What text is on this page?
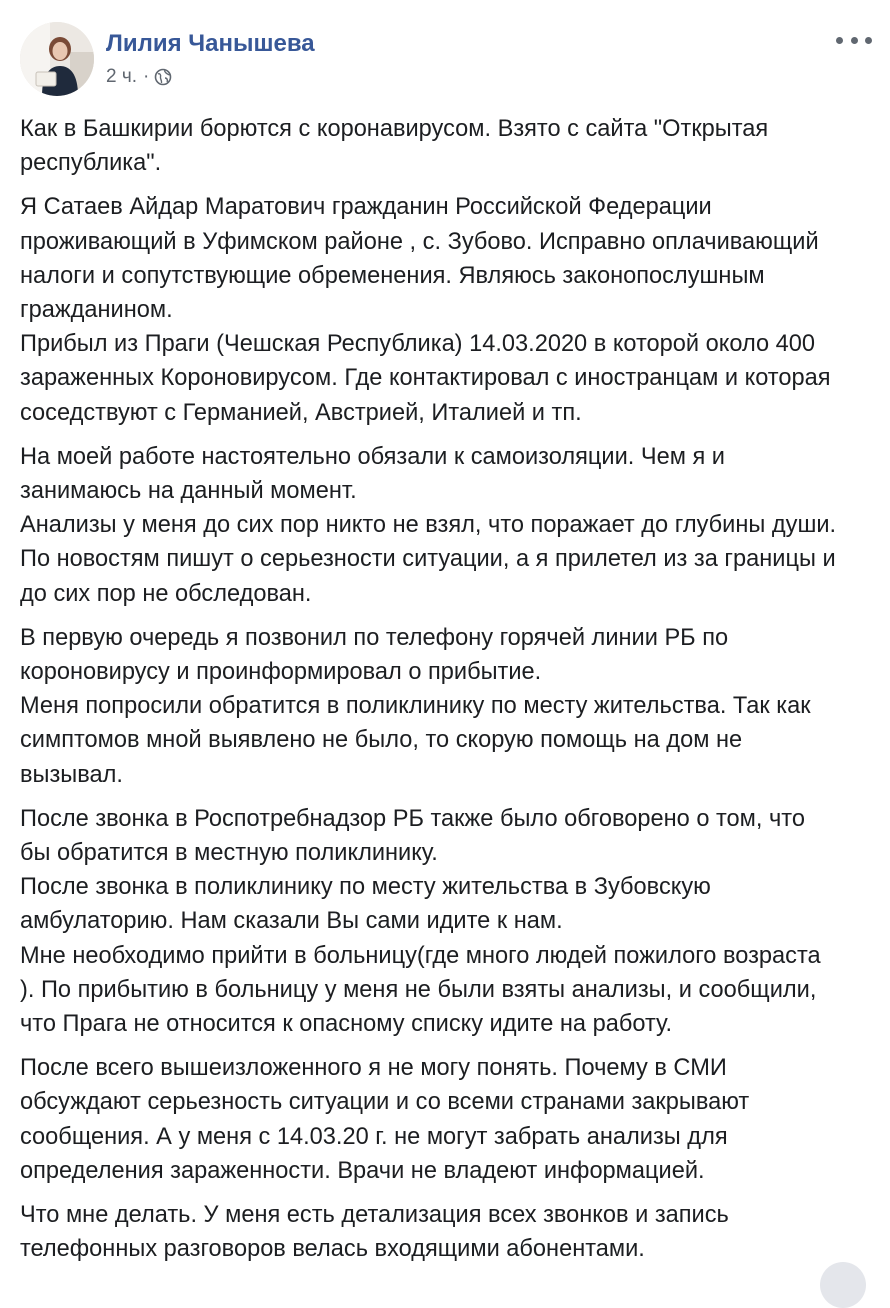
Лилия Чанышева
2 ч. ·

Как в Башкирии борются с коронавирусом. Взято с сайта "Открытая
республика".

Я Сатаев Айдар Маратович гражданин Российской Федерации
проживающий в Уфимском районе , с. Зубово. Исправно оплачивающий
налоги и сопутствующие обременения. Являюсь законопослушным
гражданином.
Прибыл из Праги (Чешская Республика) 14.03.2020 в которой около 400
зараженных Короновирусом. Где контактировал с иностранцам и которая
соседствуют с Германией, Австрией, Италией и тп.

На моей работе настоятельно обязали к самоизоляции. Чем я и
занимаюсь на данный момент.
Анализы у меня до сих пор никто не взял, что поражает до глубины души.
По новостям пишут о серьезности ситуации, а я прилетел из за границы и
до сих пор не обследован.

В первую очередь я позвонил по телефону горячей линии РБ по
короновирусу и проинформировал о прибытие.
Меня попросили обратится в поликлинику по месту жительства. Так как
симптомов мной выявлено не было, то скорую помощь на дом не
вызывал.

После звонка в Роспотребнадзор РБ также было обговорено о том, что
бы обратится в местную поликлинику.
После звонка в поликлинику по месту жительства в Зубовскую
амбулаторию. Нам сказали Вы сами идите к нам.
Мне необходимо прийти в больницу(где много людей пожилого возраста
). По прибытию в больницу у меня не были взяты анализы, и сообщили,
что Прага не относится к опасному списку идите на работу.

После всего вышеизложенного я не могу понять. Почему в СМИ
обсуждают серьезность ситуации и со всеми странами закрывают
сообщения. А у меня с 14.03.20 г. не могут забрать анализы для
определения зараженности. Врачи не владеют информацией.

Что мне делать. У меня есть детализация всех звонков и запись
телефонных разговоров велась входящими абонентами.
